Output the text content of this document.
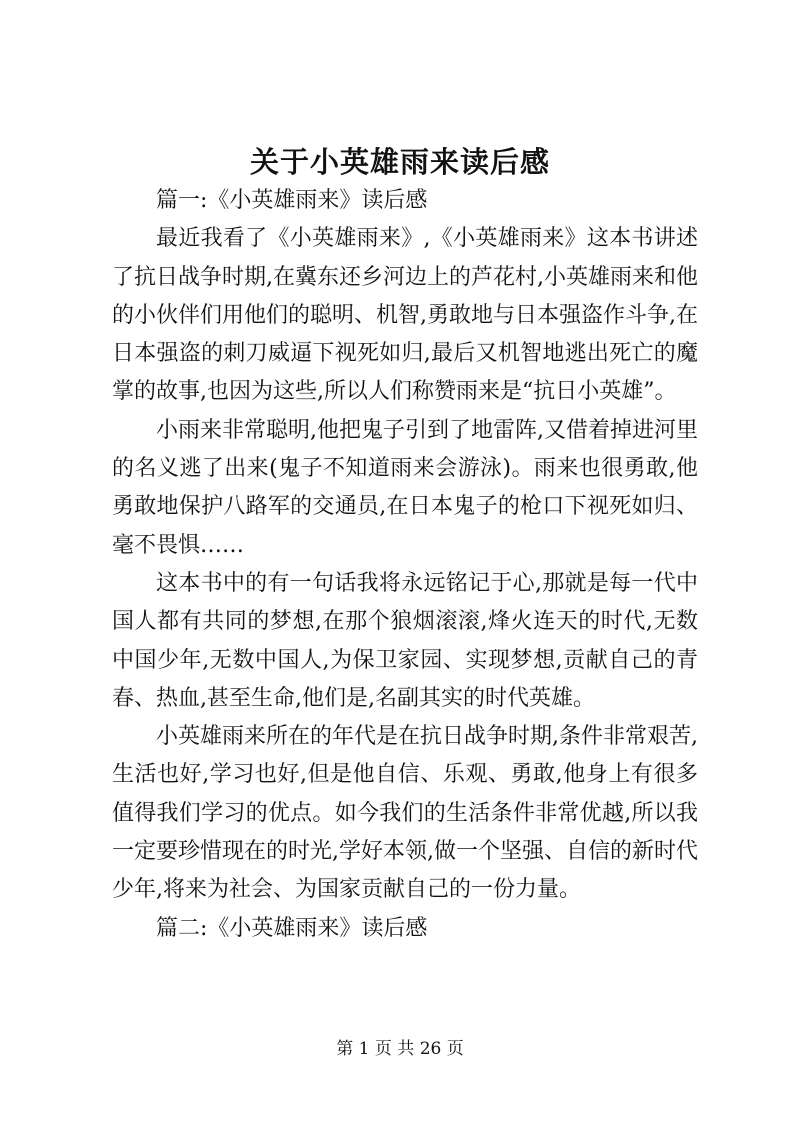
关于小英雄雨来读后感

篇一:《小英雄雨来》读后感

最近我看了《小英雄雨来》,《小英雄雨来》这本书讲述了抗日战争时期,在冀东还乡河边上的芦花村,小英雄雨来和他的小伙伴们用他们的聪明、机智,勇敢地与日本强盗作斗争,在日本强盗的刺刀威逼下视死如归,最后又机智地逃出死亡的魔掌的故事,也因为这些,所以人们称赞雨来是“抗日小英雄”。

小雨来非常聪明,他把鬼子引到了地雷阵,又借着掉进河里的名义逃了出来(鬼子不知道雨来会游泳)。雨来也很勇敢,他勇敢地保护八路军的交通员,在日本鬼子的枪口下视死如归、毫不畏惧……

这本书中的有一句话我将永远铭记于心,那就是每一代中国人都有共同的梦想,在那个狼烟滚滚,烽火连天的时代,无数中国少年,无数中国人,为保卫家园、实现梦想,贡献自己的青春、热血,甚至生命,他们是,名副其实的时代英雄。

小英雄雨来所在的年代是在抗日战争时期,条件非常艰苦,生活也好,学习也好,但是他自信、乐观、勇敢,他身上有很多值得我们学习的优点。如今我们的生活条件非常优越,所以我一定要珍惜现在的时光,学好本领,做一个坚强、自信的新时代少年,将来为社会、为国家贡献自己的一份力量。

篇二:《小英雄雨来》读后感

第 1 页 共 26 页
